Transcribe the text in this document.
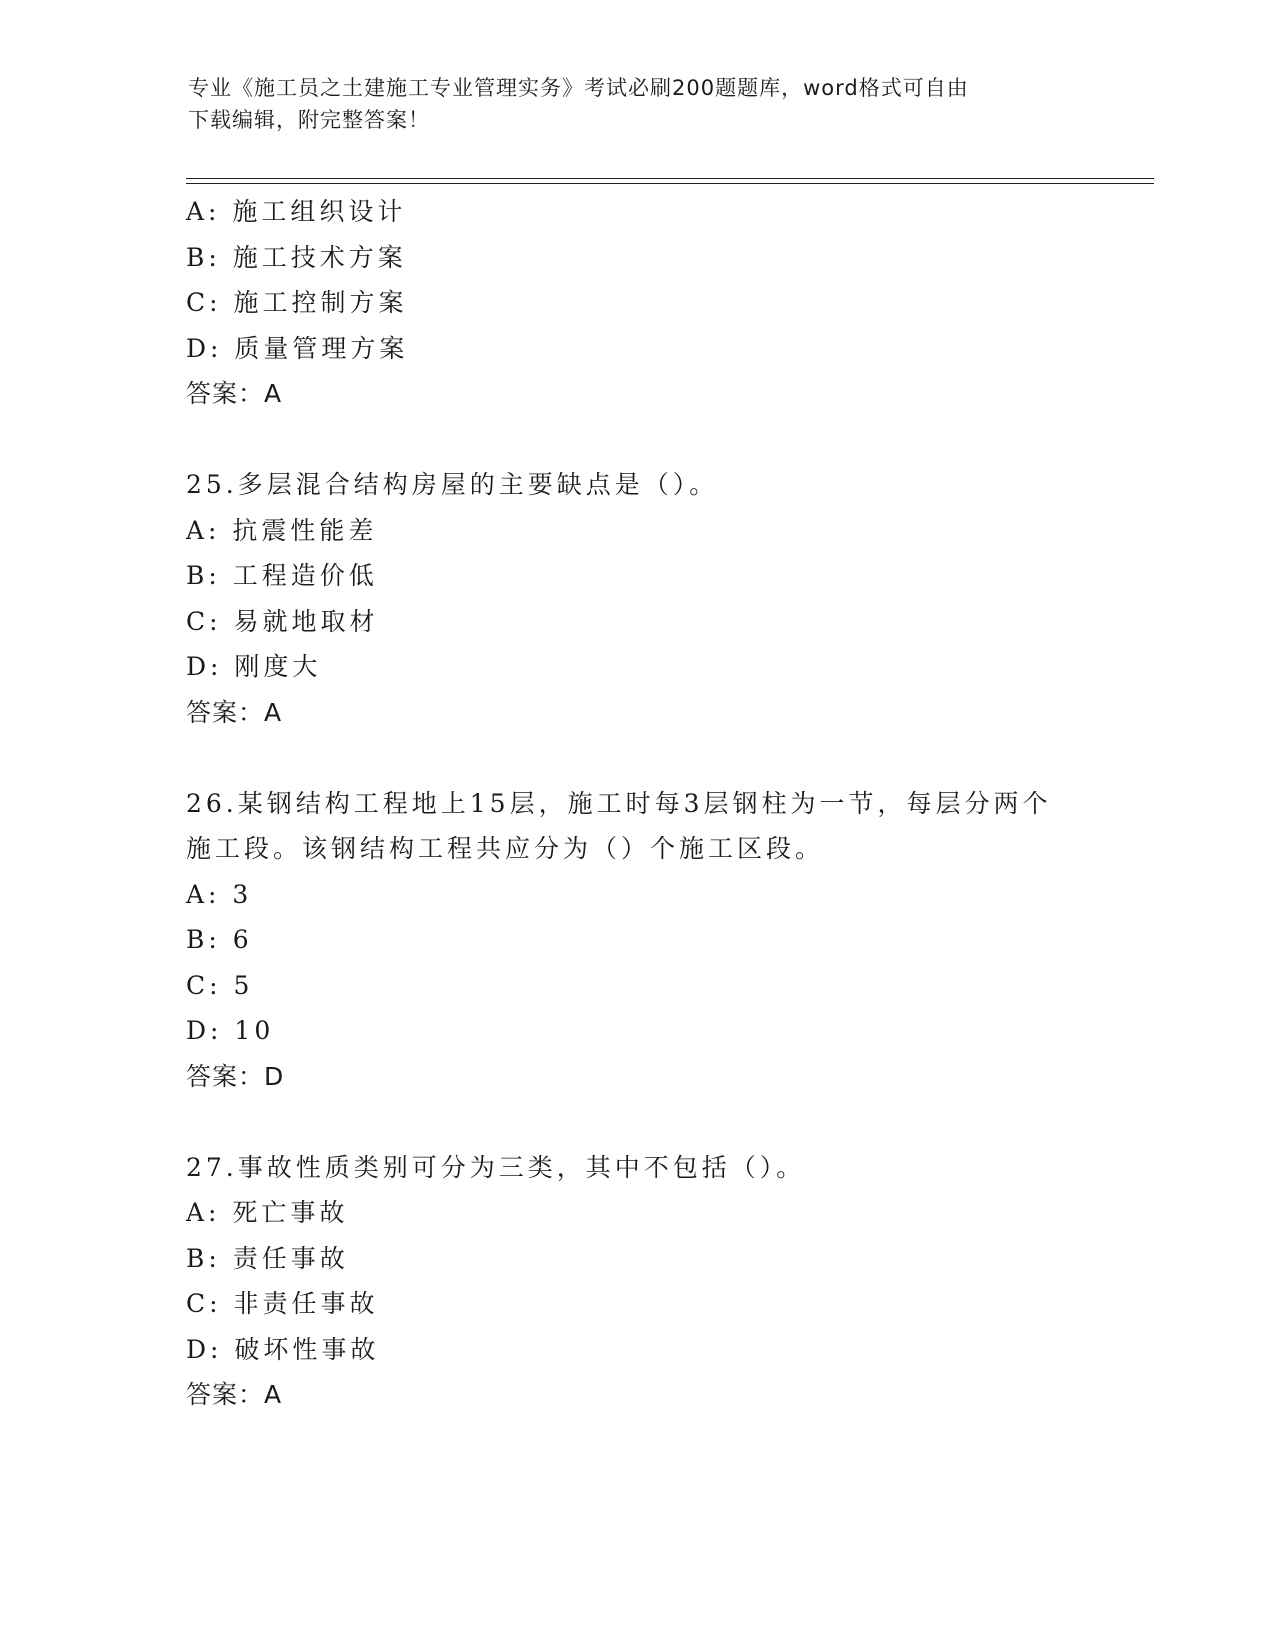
专业《施工员之土建施工专业管理实务》考试必刷200题题库，word格式可自由
下载编辑，附完整答案！
A: 施工组织设计
B: 施工技术方案
C: 施工控制方案
D: 质量管理方案
答案：A
25.多层混合结构房屋的主要缺点是（）。
A: 抗震性能差
B: 工程造价低
C: 易就地取材
D: 刚度大
答案：A
26.某钢结构工程地上15层，施工时每3层钢柱为一节，每层分两个
施工段。该钢结构工程共应分为（）个施工区段。
A: 3
B: 6
C: 5
D: 10
答案：D
27.事故性质类别可分为三类，其中不包括（）。
A: 死亡事故
B: 责任事故
C: 非责任事故
D: 破坏性事故
答案：A
